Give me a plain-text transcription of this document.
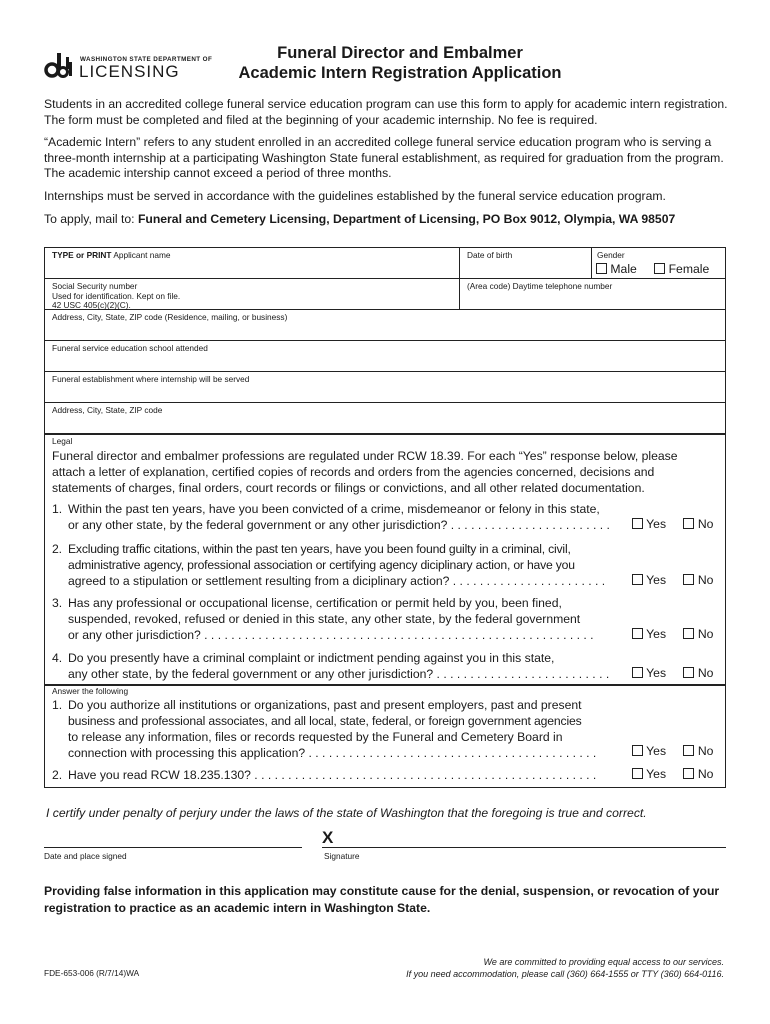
WASHINGTON STATE DEPARTMENT OF
LICENSING
Funeral Director and Embalmer
Academic Intern Registration Application
Students in an accredited college funeral service education program can use this form to apply for academic intern registration. The form must be completed and filed at the beginning of your academic internship. No fee is required.
“Academic Intern” refers to any student enrolled in an accredited college funeral service education program who is serving a three-month internship at a participating Washington State funeral establishment, as required for graduation from the program. The academic intership cannot exceed a period of three months.
Internships must be served in accordance with the guidelines established by the funeral service education program.
To apply, mail to: Funeral and Cemetery Licensing, Department of Licensing, PO Box 9012, Olympia, WA 98507
TYPE or PRINT Applicant name	Date of birth	Gender
Male	Female
Social Security number
Used for identification. Kept on file.
42 USC 405(c)(2)(C).
(Area code) Daytime telephone number
Address, City, State, ZIP code (Residence, mailing, or business)
Funeral service education school attended
Funeral establishment where internship will be served
Address, City, State, ZIP code
Legal
Funeral director and embalmer professions are regulated under RCW 18.39. For each “Yes” response below, please attach a letter of explanation, certified copies of records and orders from the agencies concerned, decisions and statements of charges, final orders, court records or filings or convictions, and all other related documentation.
1. Within the past ten years, have you been convicted of a crime, misdemeanor or felony in this state,
or any other state, by the federal government or any other jurisdiction? . . . . . . . . . . . . . . . . . . . . . . . .	Yes	No
2. Excluding traffic citations, within the past ten years, have you been found guilty in a criminal, civil,
administrative agency, professional association or certifying agency diciplinary action, or have you
agreed to a stipulation or settlement resulting from a diciplinary action? . . . . . . . . . . . . . . . . . . . . . . .	Yes	No
3. Has any professional or occupational license, certification or permit held by you, been fined,
suspended, revoked, refused or denied in this state, any other state, by the federal government
or any other jurisdiction? . . . . . . . . . . . . . . . . . . . . . . . . . . . . . . . . . . . . . . . . . . . . . . . . . . . . . . . . . .	Yes	No
4. Do you presently have a criminal complaint or indictment pending against you in this state,
any other state, by the federal government or any other jurisdiction? . . . . . . . . . . . . . . . . . . . . . . . . . .	Yes	No
Answer the following
1. Do you authorize all institutions or organizations, past and present employers, past and present
business and professional associates, and all local, state, federal, or foreign government agencies
to release any information, files or records requested by the Funeral and Cemetery Board in
connection with processing this application? . . . . . . . . . . . . . . . . . . . . . . . . . . . . . . . . . . . . . . . . . . .	Yes	No
2. Have you read RCW 18.235.130? . . . . . . . . . . . . . . . . . . . . . . . . . . . . . . . . . . . . . . . . . . . . . . . . . . .	Yes	No
I certify under penalty of perjury under the laws of the state of Washington that the foregoing is true and correct.
X
Date and place signed	Signature
Providing false information in this application may constitute cause for the denial, suspension, or revocation of your registration to practice as an academic intern in Washington State.
FDE-653-006 (R/7/14)WA
We are committed to providing equal access to our services.
If you need accommodation, please call (360) 664-1555 or TTY (360) 664-0116.
